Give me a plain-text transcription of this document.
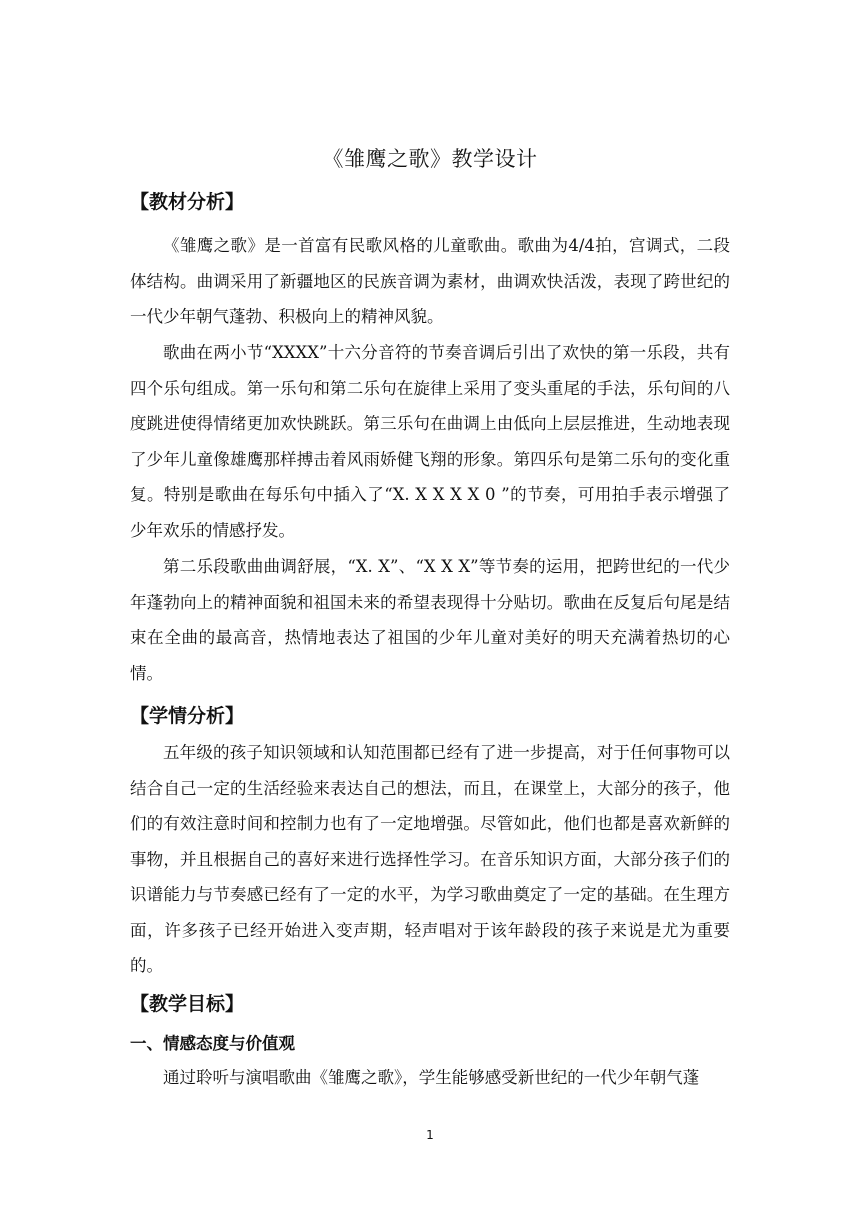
《雏鹰之歌》教学设计
【教材分析】

《雏鹰之歌》是一首富有民歌风格的儿童歌曲。歌曲为4/4拍，宫调式，二段体结构。曲调采用了新疆地区的民族音调为素材，曲调欢快活泼，表现了跨世纪的一代少年朝气蓬勃、积极向上的精神风貌。

歌曲在两小节“XXXX”十六分音符的节奏音调后引出了欢快的第一乐段，共有四个乐句组成。第一乐句和第二乐句在旋律上采用了变头重尾的手法，乐句间的八度跳进使得情绪更加欢快跳跃。第三乐句在曲调上由低向上层层推进，生动地表现了少年儿童像雄鹰那样搏击着风雨娇健飞翔的形象。第四乐句是第二乐句的变化重复。特别是歌曲在每乐句中插入了“X. X X X X 0 ”的节奏，可用拍手表示增强了少年欢乐的情感抒发。

第二乐段歌曲曲调舒展，“X. X”、“X X X”等节奏的运用，把跨世纪的一代少年蓬勃向上的精神面貌和祖国未来的希望表现得十分贴切。歌曲在反复后句尾是结束在全曲的最高音，热情地表达了祖国的少年儿童对美好的明天充满着热切的心情。

【学情分析】

五年级的孩子知识领域和认知范围都已经有了进一步提高，对于任何事物可以结合自己一定的生活经验来表达自己的想法，而且，在课堂上，大部分的孩子，他们的有效注意时间和控制力也有了一定地增强。尽管如此，他们也都是喜欢新鲜的事物，并且根据自己的喜好来进行选择性学习。在音乐知识方面，大部分孩子们的识谱能力与节奏感已经有了一定的水平，为学习歌曲奠定了一定的基础。在生理方面，许多孩子已经开始进入变声期，轻声唱对于该年龄段的孩子来说是尤为重要的。

【教学目标】
一、情感态度与价值观

通过聆听与演唱歌曲《雏鹰之歌》，学生能够感受新世纪的一代少年朝气蓬

1
